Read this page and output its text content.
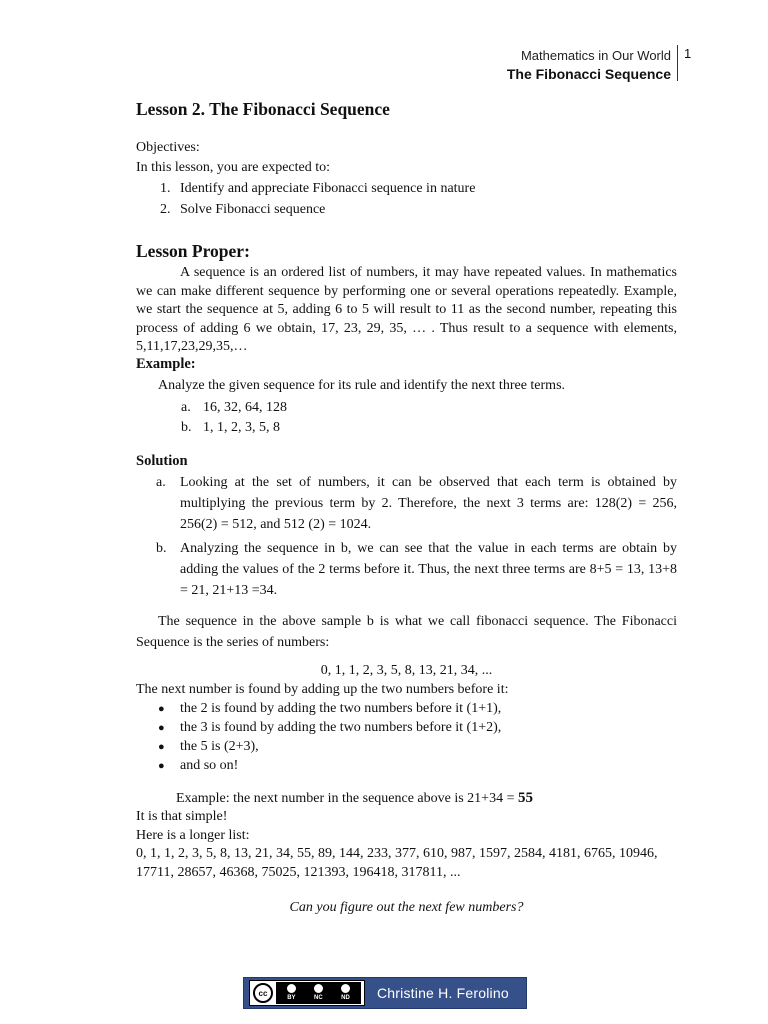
Mathematics in Our World
The Fibonacci Sequence
1
Lesson 2. The Fibonacci Sequence
Objectives:
In this lesson, you are expected to:
1. Identify and appreciate Fibonacci sequence in nature
2. Solve Fibonacci sequence
Lesson Proper:

A sequence is an ordered list of numbers, it may have repeated values. In mathematics we can make different sequence by performing one or several operations repeatedly. Example, we start the sequence at 5, adding 6 to 5 will result to 11 as the second number, repeating this process of adding 6 we obtain, 17, 23, 29, 35, … . Thus result to a sequence with elements, 5,11,17,23,29,35,…

Example:
Analyze the given sequence for its rule and identify the next three terms.
a. 16, 32, 64, 128
b. 1, 1, 2, 3, 5, 8
Solution
a.	Looking at the set of numbers, it can be observed that each term is obtained by multiplying the previous term by 2. Therefore, the next 3 terms are: 128(2) = 256, 256(2) = 512, and 512 (2) = 1024.
b. Analyzing the sequence in b, we can see that the value in each terms are obtain by adding the values of the 2 terms before it. Thus, the next three terms are 8+5 = 13, 13+8 = 21, 21+13 =34.

The sequence in the above sample b is what we call fibonacci sequence. The Fibonacci Sequence is the series of numbers:

0, 1, 1, 2, 3, 5, 8, 13, 21, 34, ...
The next number is found by adding up the two numbers before it:
● the 2 is found by adding the two numbers before it (1+1),
● the 3 is found by adding the two numbers before it (1+2),
● the 5 is (2+3),
● and so on!
Example: the next number in the sequence above is 21+34 = 55
It is that simple!
Here is a longer list:
0, 1, 1, 2, 3, 5, 8, 13, 21, 34, 55, 89, 144, 233, 377, 610, 987, 1597, 2584, 4181, 6765, 10946, 17711, 28657, 46368, 75025, 121393, 196418, 317811, ...
Can you figure out the next few numbers?
cc
BY	NC	ND Christine H. Ferolino
